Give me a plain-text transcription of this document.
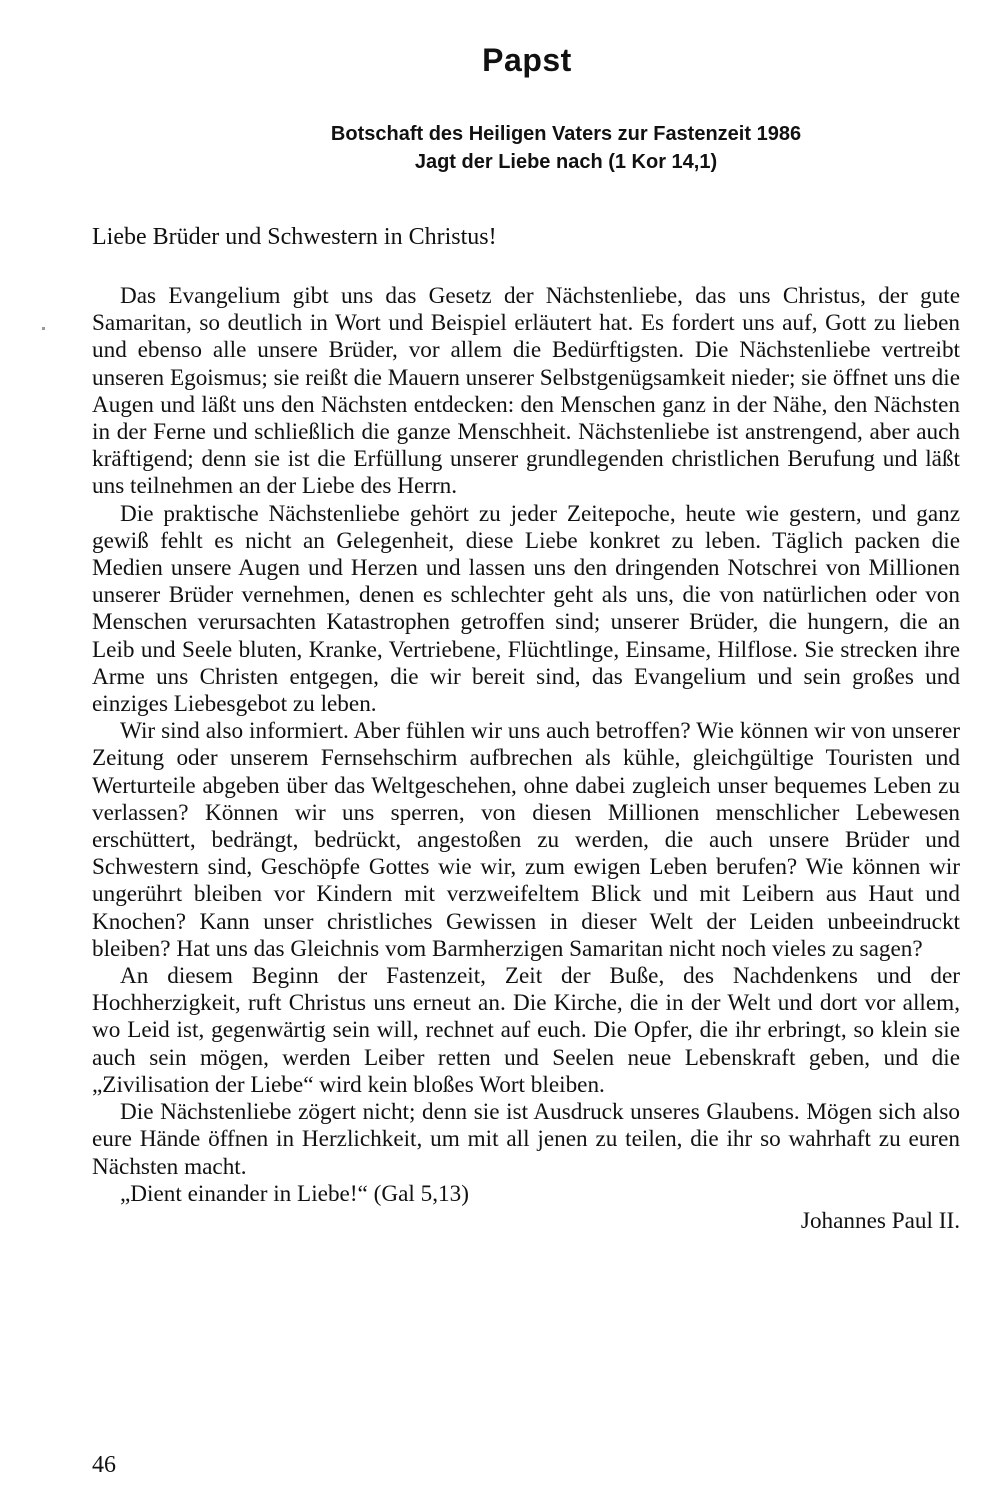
Papst
Botschaft des Heiligen Vaters zur Fastenzeit 1986
Jagt der Liebe nach (1 Kor 14,1)
Liebe Brüder und Schwestern in Christus!

Das Evangelium gibt uns das Gesetz der Nächstenliebe, das uns Christus, der gute Samaritan, so deutlich in Wort und Beispiel erläutert hat. Es fordert uns auf, Gott zu lieben und ebenso alle unsere Brüder, vor allem die Bedürftigsten. Die Nächstenliebe vertreibt unseren Egoismus; sie reißt die Mauern unserer Selbstgenügsamkeit nieder; sie öffnet uns die Augen und läßt uns den Nächsten entdecken: den Menschen ganz in der Nähe, den Nächsten in der Ferne und schließlich die ganze Menschheit. Nächstenliebe ist anstrengend, aber auch kräftigend; denn sie ist die Erfüllung unserer grundlegenden christlichen Berufung und läßt uns teilnehmen an der Liebe des Herrn.

Die praktische Nächstenliebe gehört zu jeder Zeitepoche, heute wie gestern, und ganz gewiß fehlt es nicht an Gelegenheit, diese Liebe konkret zu leben. Täglich packen die Medien unsere Augen und Herzen und lassen uns den dringenden Notschrei von Millionen unserer Brüder vernehmen, denen es schlechter geht als uns, die von natürlichen oder von Menschen verursachten Katastrophen getroffen sind; unserer Brüder, die hungern, die an Leib und Seele bluten, Kranke, Vertriebene, Flüchtlinge, Einsame, Hilflose. Sie strecken ihre Arme uns Christen entgegen, die wir bereit sind, das Evangelium und sein großes und einziges Liebesgebot zu leben.

Wir sind also informiert. Aber fühlen wir uns auch betroffen? Wie können wir von unserer Zeitung oder unserem Fernsehschirm aufbrechen als kühle, gleichgültige Touristen und Werturteile abgeben über das Weltgeschehen, ohne dabei zugleich unser bequemes Leben zu verlassen? Können wir uns sperren, von diesen Millionen menschlicher Lebewesen erschüttert, bedrängt, bedrückt, angestoßen zu werden, die auch unsere Brüder und Schwestern sind, Geschöpfe Gottes wie wir, zum ewigen Leben berufen? Wie können wir ungerührt bleiben vor Kindern mit verzweifeltem Blick und mit Leibern aus Haut und Knochen? Kann unser christliches Gewissen in dieser Welt der Leiden unbeeindruckt bleiben? Hat uns das Gleichnis vom Barmherzigen Samaritan nicht noch vieles zu sagen?

An diesem Beginn der Fastenzeit, Zeit der Buße, des Nachdenkens und der Hochherzigkeit, ruft Christus uns erneut an. Die Kirche, die in der Welt und dort vor allem, wo Leid ist, gegenwärtig sein will, rechnet auf euch. Die Opfer, die ihr erbringt, so klein sie auch sein mögen, werden Leiber retten und Seelen neue Lebenskraft geben, und die „Zivilisation der Liebe“ wird kein bloßes Wort bleiben.

Die Nächstenliebe zögert nicht; denn sie ist Ausdruck unseres Glaubens. Mögen sich also eure Hände öffnen in Herzlichkeit, um mit all jenen zu teilen, die ihr so wahrhaft zu euren Nächsten macht.

„Dient einander in Liebe!“ (Gal 5,13)

Johannes Paul II.
46
